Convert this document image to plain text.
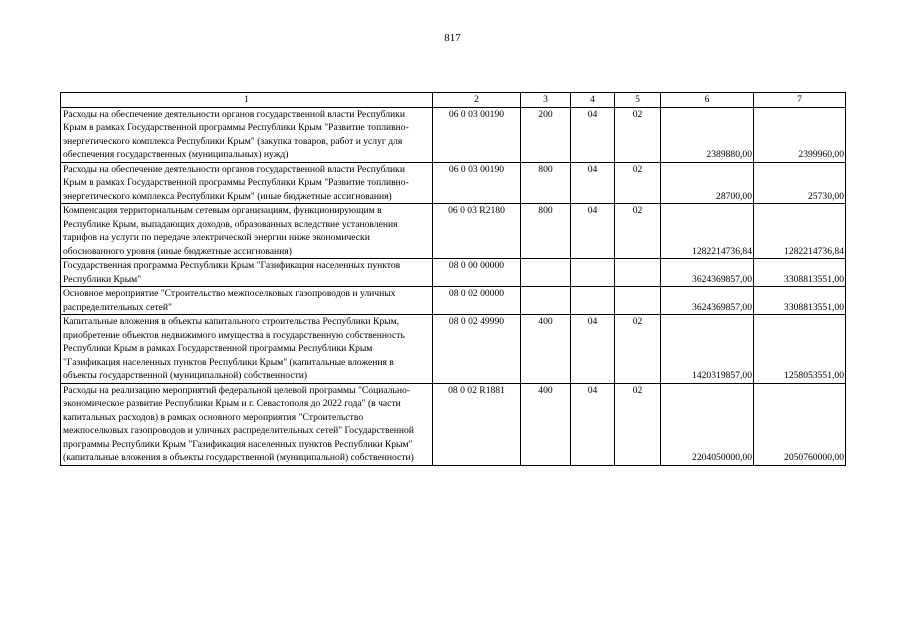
817
1	2	3	4	5	6	7
Расходы на обеспечение деятельности органов государственной власти Республики Крым в рамках Государственной программы Республики Крым "Развитие топливно-энергетического комплекса Республики Крым" (закупка товаров, работ и услуг для обеспечения государственных (муниципальных) нужд)	06 0 03 00190	200	04	02	2389880,00	2399960,00
Расходы на обеспечение деятельности органов государственной власти Республики Крым в рамках Государственной программы Республики Крым "Развитие топливно-энергетического комплекса Республики Крым" (иные бюджетные ассигнования)	06 0 03 00190	800	04	02	28700,00	25730,00
Компенсация территориальным сетевым организациям, функционирующим в Республике Крым, выпадающих доходов, образованных вследствие установления тарифов на услуги по передаче электрической энергии ниже экономически обоснованного уровня (иные бюджетные ассигнования)	06 0 03 R2180	800	04	02	1282214736,84	1282214736,84
Государственная программа Республики Крым "Газификация населенных пунктов Республики Крым"	08 0 00 00000				3624369857,00	3308813551,00
Основное мероприятие "Строительство межпоселковых газопроводов и уличных распределительных сетей"	08 0 02 00000				3624369857,00	3308813551,00
Капитальные вложения в объекты капитального строительства Республики Крым, приобретение объектов недвижимого имущества в государственную собственность Республики Крым в рамках Государственной программы Республики Крым "Газификация населенных пунктов Республики Крым" (капитальные вложения в объекты государственной (муниципальной) собственности)	08 0 02 49990	400	04	02	1420319857,00	1258053551,00
Расходы на реализацию мероприятий федеральной целевой программы "Социально-экономическое развитие Республики Крым и г. Севастополя до 2022 года" (в части капитальных расходов) в рамках основного мероприятия "Строительство межпоселковых газопроводов и уличных распределительных сетей" Государственной программы Республики Крым "Газификация населенных пунктов Республики Крым" (капитальные вложения в объекты государственной (муниципальной) собственности)	08 0 02 R1881	400	04	02	2204050000,00	2050760000,00
